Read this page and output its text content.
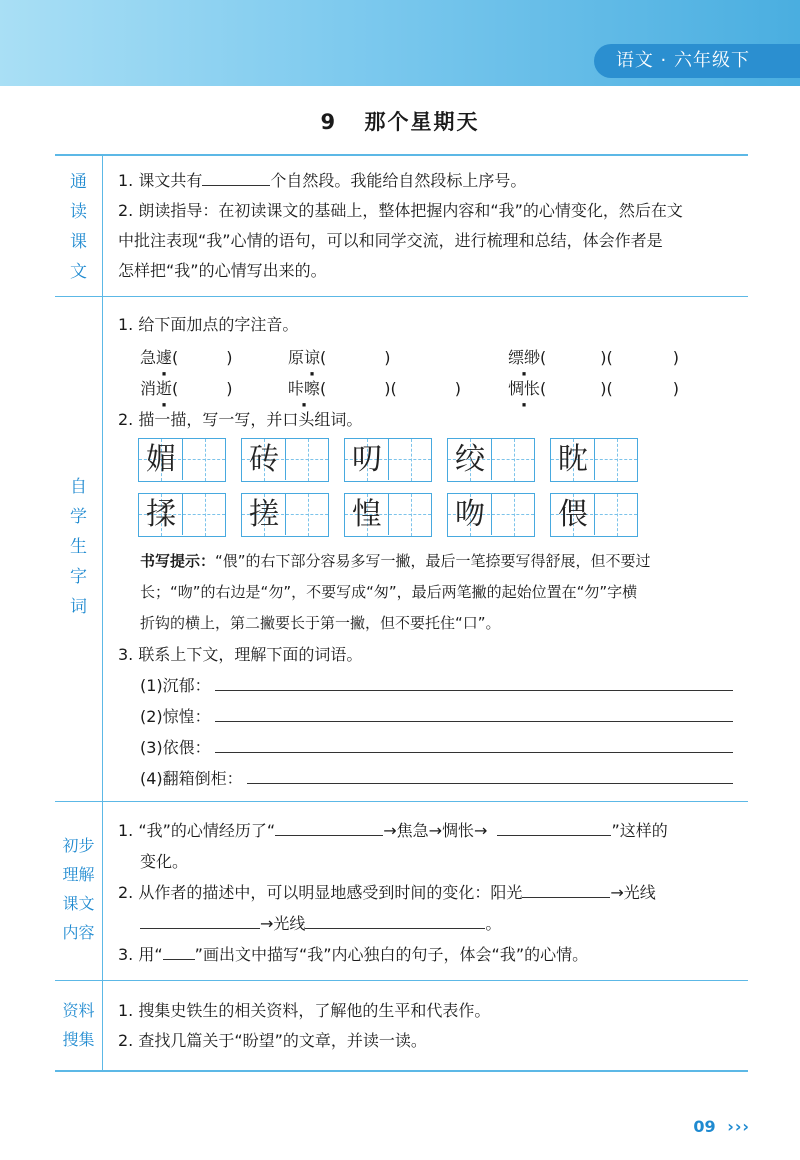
语文 · 六年级下
9 那个星期天
通
读
课
文
1. 课文共有	个自然段。我能给自然段标上序号。
2. 朗读指导：在初读课文的基础上，整体把握内容和“我”的心情变化，然后在文
中批注表现“我”心情的语句，可以和同学交流，进行梳理和总结，体会作者是
怎样把“我”的心情写出来的。
自
学
生
字
词
1. 给下面加点的字注音。
急遽(	)	原谅(	)	缥缈(	)(	)
消逝(	)	咔嚓(	)(	)	惆怅(	)(	)
2. 描一描，写一写，并口头组词。
媚 砖 叨 绞 眈
揉 搓 惶 吻 偎
书写提示：“偎”的右下部分容易多写一撇，最后一笔捺要写得舒展，但不要过
长；“吻”的右边是“勿”，不要写成“匆”，最后两笔撇的起始位置在“勿”字横
折钩的横上，第二撇要长于第一撇，但不要托住“口”。
3. 联系上下文，理解下面的词语。
(1)沉郁：
(2)惊惶：
(3)依偎：
(4)翻箱倒柜：
初步
理解
课文
内容
1. “我”的心情经历了“	→焦急→惆怅→	”这样的
变化。
2. 从作者的描述中，可以明显地感受到时间的变化：阳光	→光线
→光线	。
3. 用“ ”画出文中描写“我”内心独白的句子，体会“我”的心情。
资料
搜集
1. 搜集史铁生的相关资料，了解他的生平和代表作。
2. 查找几篇关于“盼望”的文章，并读一读。
09 ›››
